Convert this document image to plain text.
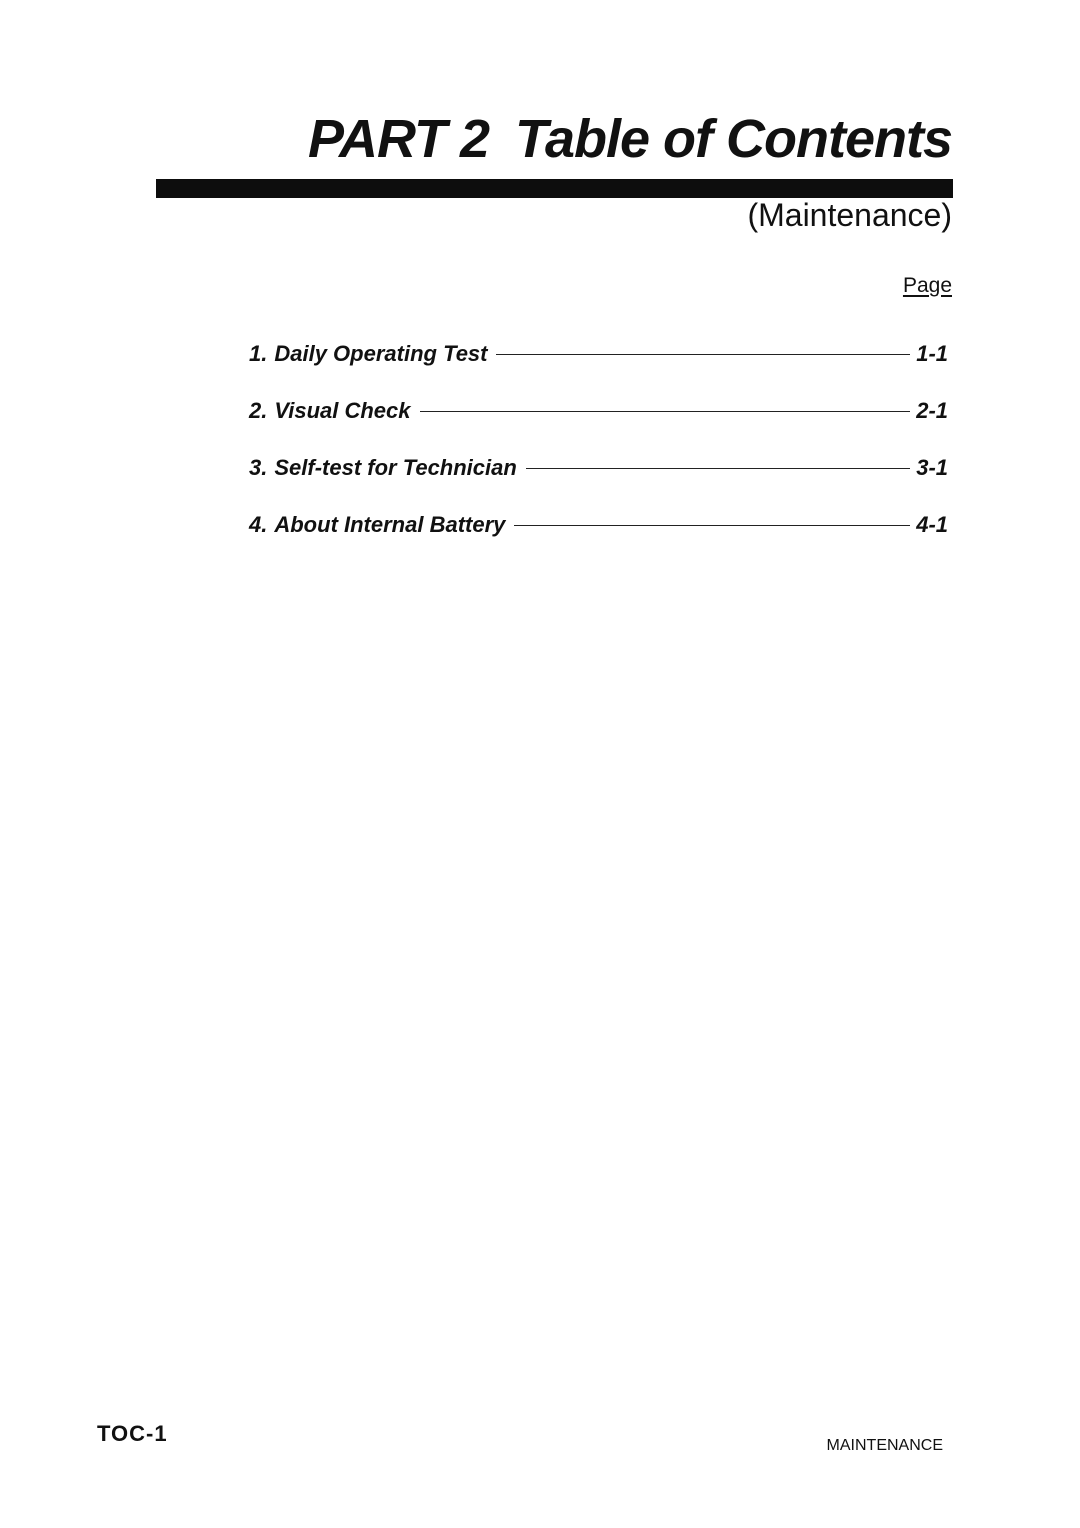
PART 2 Table of Contents
(Maintenance)
Page
1. Daily Operating Test	1-1
2. Visual Check	2-1
3. Self-test for Technician	3-1
4. About Internal Battery	4-1
TOC-1	MAINTENANCE
